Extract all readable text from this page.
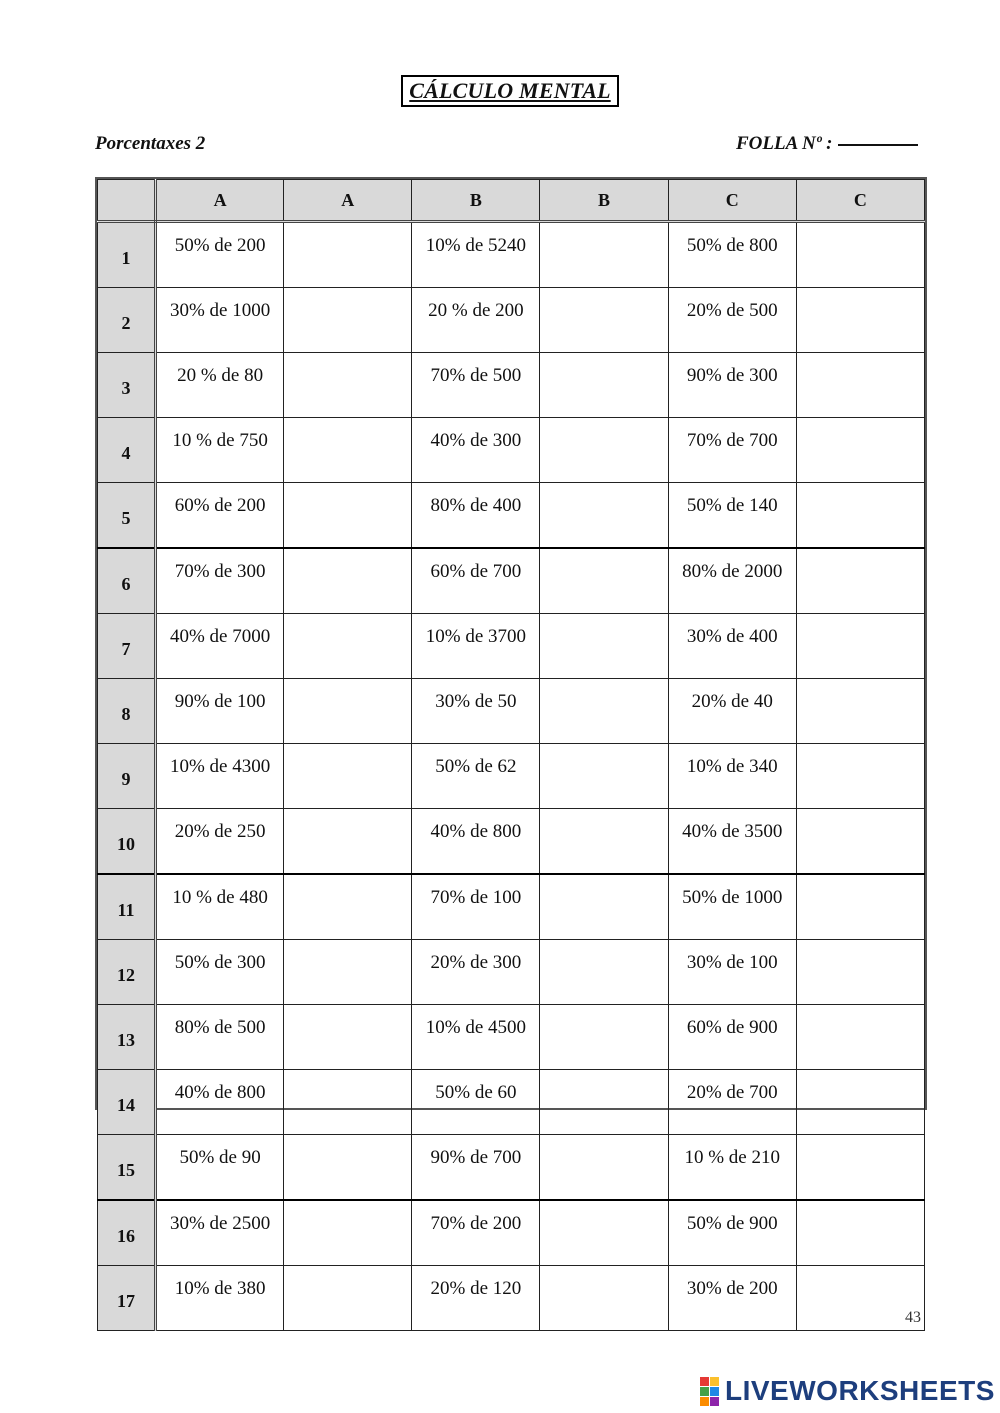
CÁLCULO MENTAL
Porcentaxes 2	FOLLA Nº :
	A	A	B	B	C	C
1	50% de 200		10% de 5240		50% de 800	
2	30% de 1000		20 % de 200		20% de 500	
3	20 % de 80		70% de 500		90% de 300	
4	10 % de 750		40% de 300		70% de 700	
5	60% de 200		80% de 400		50% de 140	
6	70% de 300		60% de 700		80% de 2000	
7	40% de 7000		10% de 3700		30% de 400	
8	90% de 100		30% de 50		20% de 40	
9	10% de 4300		50% de 62		10% de 340	
10	20% de 250		40% de 800		40% de 3500	
11	10 % de 480		70% de 100		50% de 1000	
12	50% de 300		20% de 300		30% de 100	
13	80% de 500		10% de 4500		60% de 900	
14	40% de 800		50% de 60		20% de 700	
15	50% de 90		90% de 700		10 % de 210	
16	30% de 2500		70% de 200		50% de 900	
17	10% de 380		20% de 120		30% de 200	
43
LIVEWORKSHEETS
